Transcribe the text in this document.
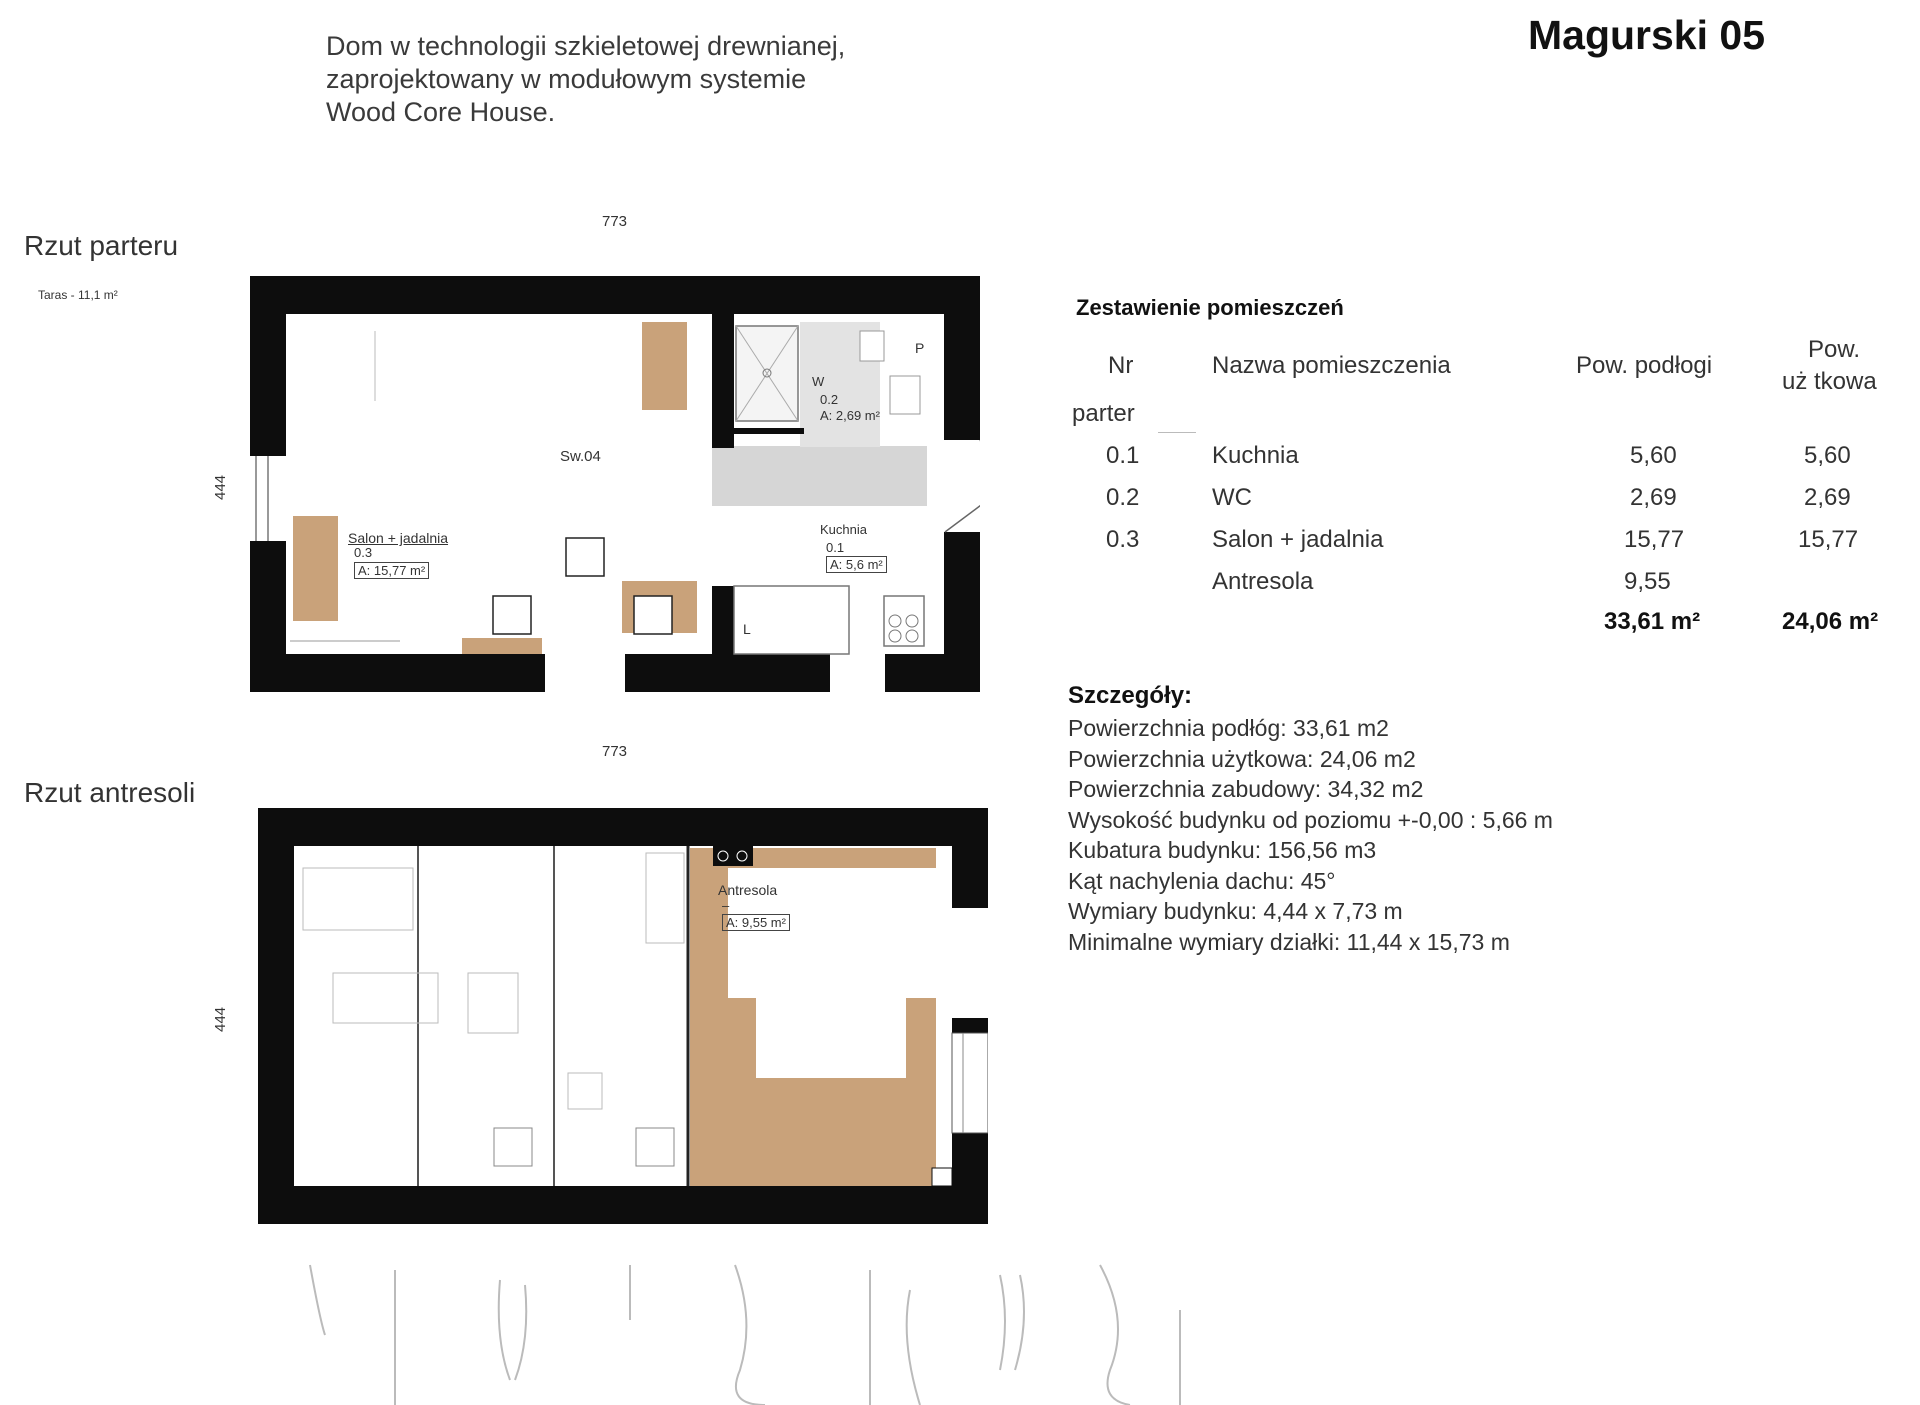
Dom w technologii szkieletowej drewnianej,
zaprojektowany w modułowym systemie
Wood Core House.
Magurski 05
Rzut parteru
Taras - 11,1 m²
773
444
Sw.04
Salon + jadalnia
0.3
A: 15,77 m²
W
0.2
A: 2,69 m²
Kuchnia
0.1
A: 5,6 m²
P
L
Rzut antresoli
773
444
Antresola
–
A: 9,55 m²
Zestawienie pomieszczeń
Nr	Nazwa pomieszczenia	Pow. podłogi
Pow.
uż tkowa
parter
0.1	Kuchnia	5,60	5,60
0.2	WC	2,69	2,69
0.3	Salon + jadalnia	15,77	15,77
Antresola	9,55
33,61 m²	24,06 m²
Szczegóły:
Powierzchnia podłóg: 33,61 m2
Powierzchnia użytkowa: 24,06 m2
Powierzchnia zabudowy: 34,32 m2
Wysokość budynku od poziomu +-0,00 : 5,66 m
Kubatura budynku: 156,56 m3
Kąt nachylenia dachu: 45°
Wymiary budynku: 4,44 x 7,73 m
Minimalne wymiary działki: 11,44 x 15,73 m
